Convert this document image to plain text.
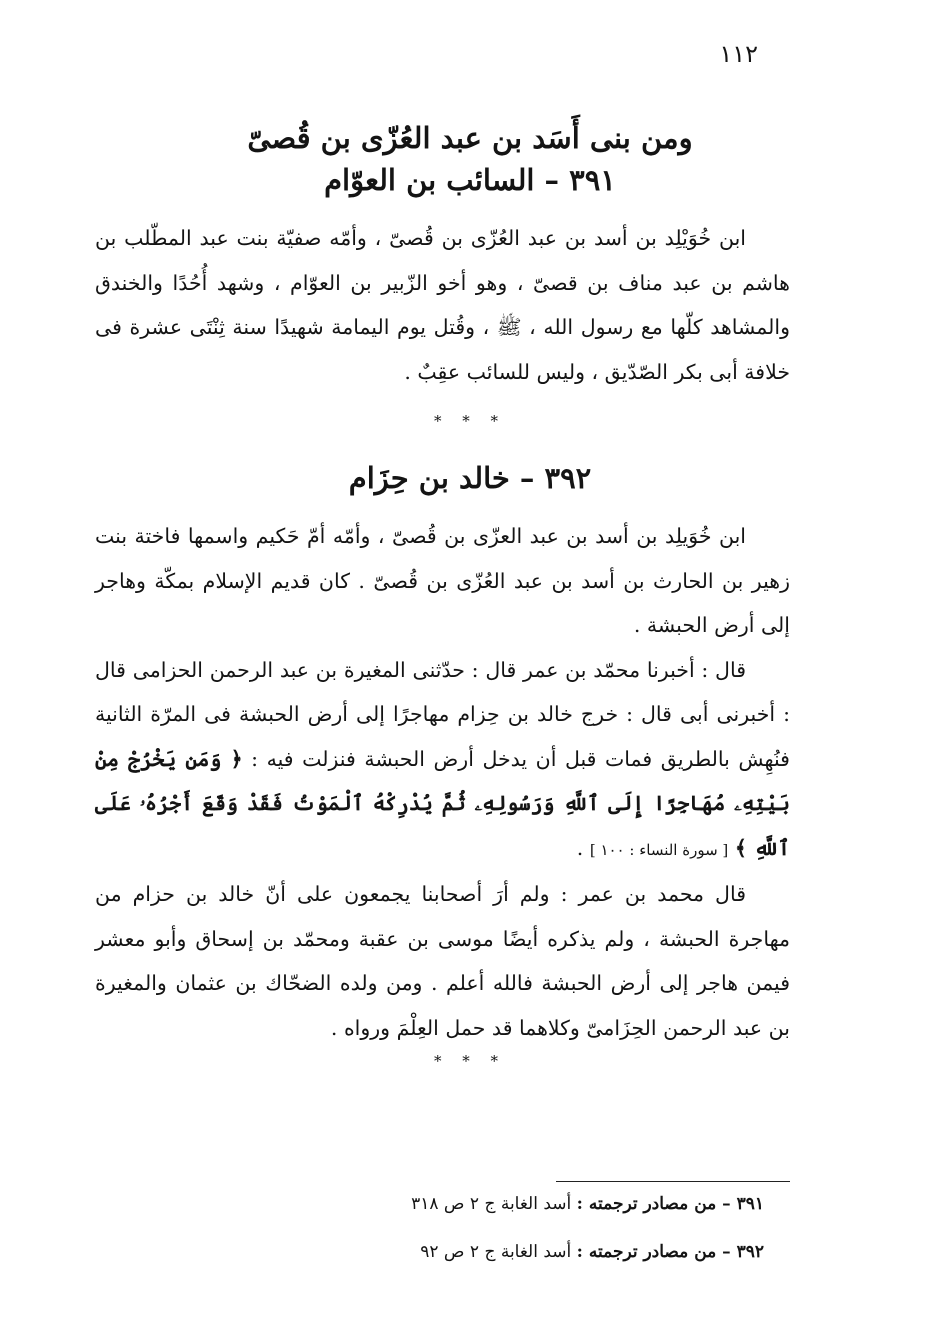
١١٢
ومن بنى أَسَد بن عبد العُزّى بن قُصىّ
٣٩١ – السائب بن العوّام

ابن خُوَيْلِد بن أسد بن عبد العُزّى بن قُصىّ ، وأمّه صفيّة بنت عبد المطّلب بن هاشم بن عبد مناف بن قصىّ ، وهو أخو الزّبير بن العوّام ، وشهد أُحُدًا والخندق والمشاهد كلّها مع رسول الله ، ﷺ ، وقُتل يوم اليمامة شهيدًا سنة ثِنْتَى عشرة فى خلافة أبى بكر الصّدّيق ، وليس للسائب عقِبٌ .

* * *
٣٩٢ – خالد بن حِزَام

ابن خُوَيلِد بن أسد بن عبد العزّى بن قُصىّ ، وأمّه أمّ حَكيم واسمها فاختة بنت زهير بن الحارث بن أسد بن عبد العُزّى بن قُصىّ . كان قديم الإسلام بمكّة وهاجر إلى أرض الحبشة .

قال : أخبرنا محمّد بن عمر قال : حدّثنى المغيرة بن عبد الرحمن الحزامى قال : أخبرنى أبى قال : خرج خالد بن حِزام مهاجرًا إلى أرض الحبشة فى المرّة الثانية فنُهِش بالطريق فمات قبل أن يدخل أرض الحبشة فنزلت فيه : ﴿ وَمَن يَخْرُجْ مِنْ بَيْتِهِۦ مُهَاجِرًا إِلَى ٱللَّهِ وَرَسُولِهِۦ ثُمَّ يُدْرِكْهُ ٱلْمَوْتُ فَقَدْ وَقَعَ أَجْرُهُۥ عَلَى ٱللَّهِ ﴾ [ سورة النساء : ١٠٠ ] .

قال محمد بن عمر : ولم أرَ أصحابنا يجمعون على أنّ خالد بن حزام من مهاجرة الحبشة ، ولم يذكره أيضًا موسى بن عقبة ومحمّد بن إسحاق وأبو معشر فيمن هاجر إلى أرض الحبشة فالله أعلم . ومن ولده الضحّاك بن عثمان والمغيرة بن عبد الرحمن الحِزَامىّ وكلاهما قد حمل العِلْمَ ورواه .

* * *
٣٩١ – من مصادر ترجمته : أسد الغابة ج ٢ ص ٣١٨
٣٩٢ – من مصادر ترجمته : أسد الغابة ج ٢ ص ٩٢
